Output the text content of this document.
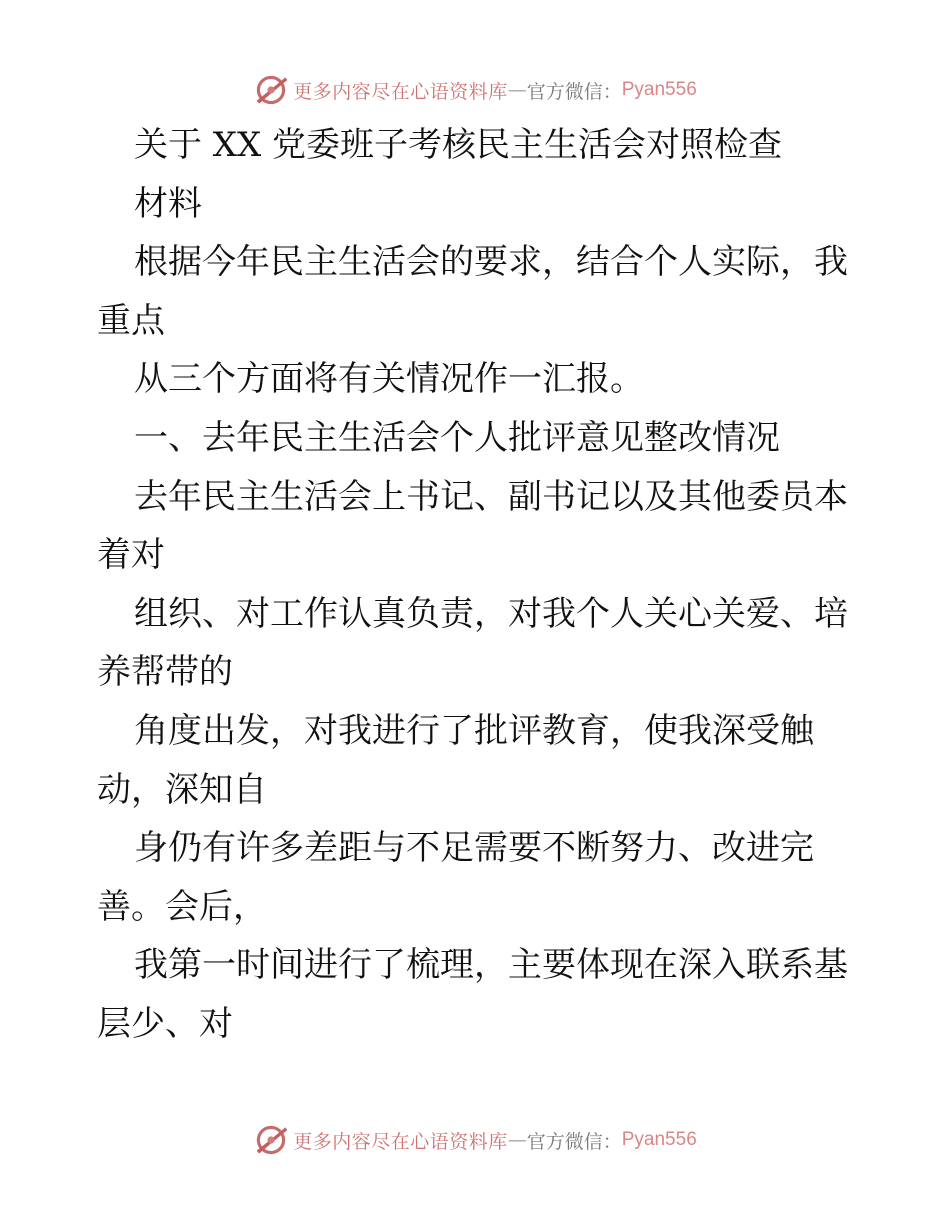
更多内容尽在心语资料库 — 官方微信： Pyan556
关于 XX 党委班子考核民主生活会对照检查
材料
根据今年民主生活会的要求，结合个人实际，我
重点
从三个方面将有关情况作一汇报。
一、去年民主生活会个人批评意见整改情况
去年民主生活会上书记、副书记以及其他委员本
着对
组织、对工作认真负责，对我个人关心关爱、培
养帮带的
角度出发，对我进行了批评教育，使我深受触
动，深知自
身仍有许多差距与不足需要不断努力、改进完
善。会后，
我第一时间进行了梳理，主要体现在深入联系基
层少、对
更多内容尽在心语资料库 — 官方微信： Pyan556
